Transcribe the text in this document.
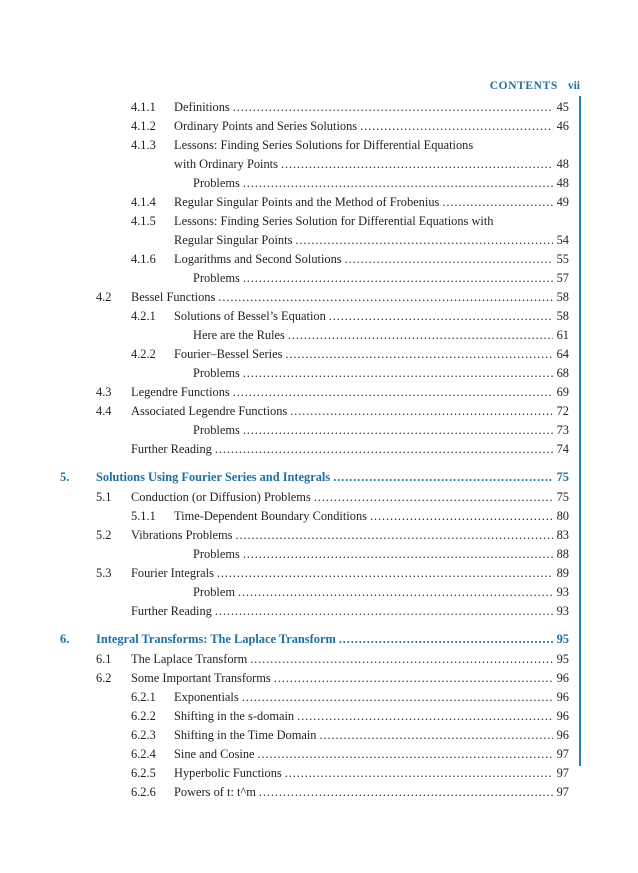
CONTENTS vii
4.1.1 Definitions . . .	45
4.1.2 Ordinary Points and Series Solutions . . .	46
4.1.3 Lessons: Finding Series Solutions for Differential Equations
with Ordinary Points . . .	48
Problems . . .	48
4.1.4 Regular Singular Points and the Method of Frobenius . . .	49
4.1.5 Lessons: Finding Series Solution for Differential Equations with
Regular Singular Points . . .	54
4.1.6 Logarithms and Second Solutions . . .	55
Problems . . .	57
4.2 Bessel Functions . . .	58
4.2.1 Solutions of Bessel’s Equation . . .	58
Here are the Rules . . .	61
4.2.2 Fourier–Bessel Series . . .	64
Problems . . .	68
4.3 Legendre Functions . . .	69
4.4 Associated Legendre Functions . . .	72
Problems . . .	73
Further Reading . . .	74
5. Solutions Using Fourier Series and Integrals . . .	75
5.1 Conduction (or Diffusion) Problems . . .	75
5.1.1 Time-Dependent Boundary Conditions . . .	80
5.2 Vibrations Problems . . .	83
Problems . . .	88
5.3 Fourier Integrals . . .	89
Problem . . .	93
Further Reading . . .	93
6. Integral Transforms: The Laplace Transform . . .	95
6.1 The Laplace Transform . . .	95
6.2 Some Important Transforms . . .	96
6.2.1 Exponentials . . .	96
6.2.2 Shifting in the s-domain . . .	96
6.2.3 Shifting in the Time Domain . . .	96
6.2.4 Sine and Cosine . . .	97
6.2.5 Hyperbolic Functions . . .	97
6.2.6 Powers of t: t^m . . .	97
